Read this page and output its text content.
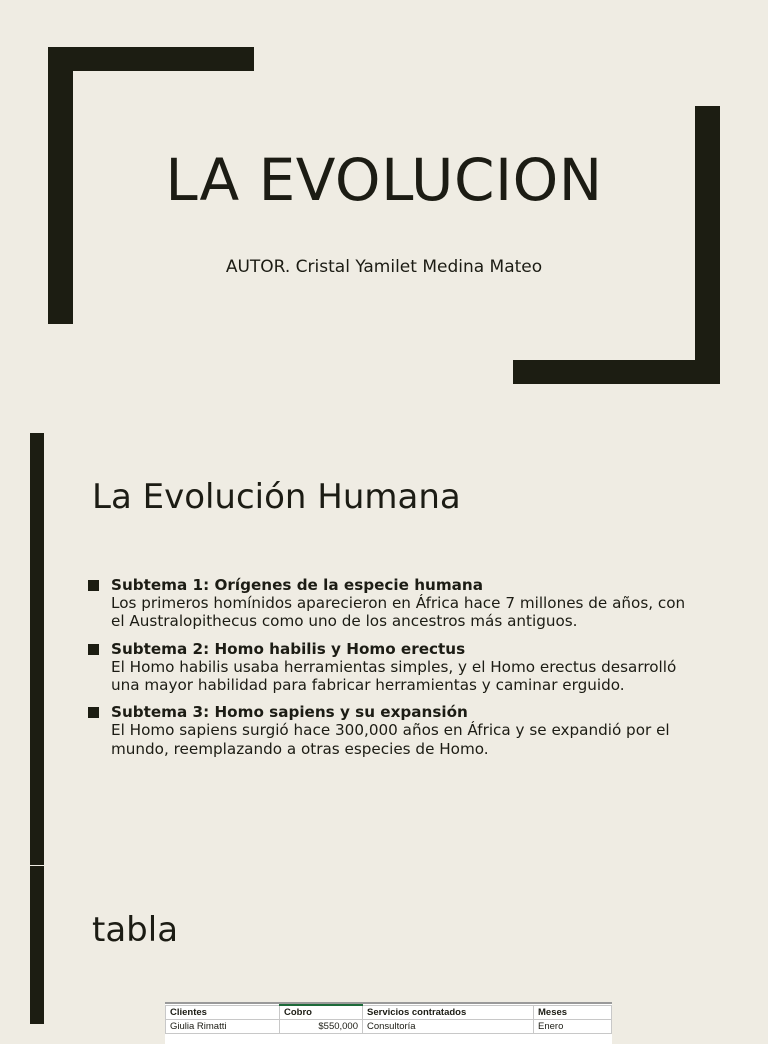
LA EVOLUCION
AUTOR. Cristal Yamilet Medina Mateo
La Evolución Humana
Subtema 1: Orígenes de la especie humana
Los primeros homínidos aparecieron en África hace 7 millones de años, con el Australopithecus como uno de los ancestros más antiguos.
Subtema 2: Homo habilis y Homo erectus
El Homo habilis usaba herramientas simples, y el Homo erectus desarrolló una mayor habilidad para fabricar herramientas y caminar erguido.
Subtema 3: Homo sapiens y su expansión
El Homo sapiens surgió hace 300,000 años en África y se expandió por el mundo, reemplazando a otras especies de Homo.
tabla
Clientes	Cobro	Servicios contratados	Meses
Giulia Rimatti	$550,000	Consultoría	Enero
